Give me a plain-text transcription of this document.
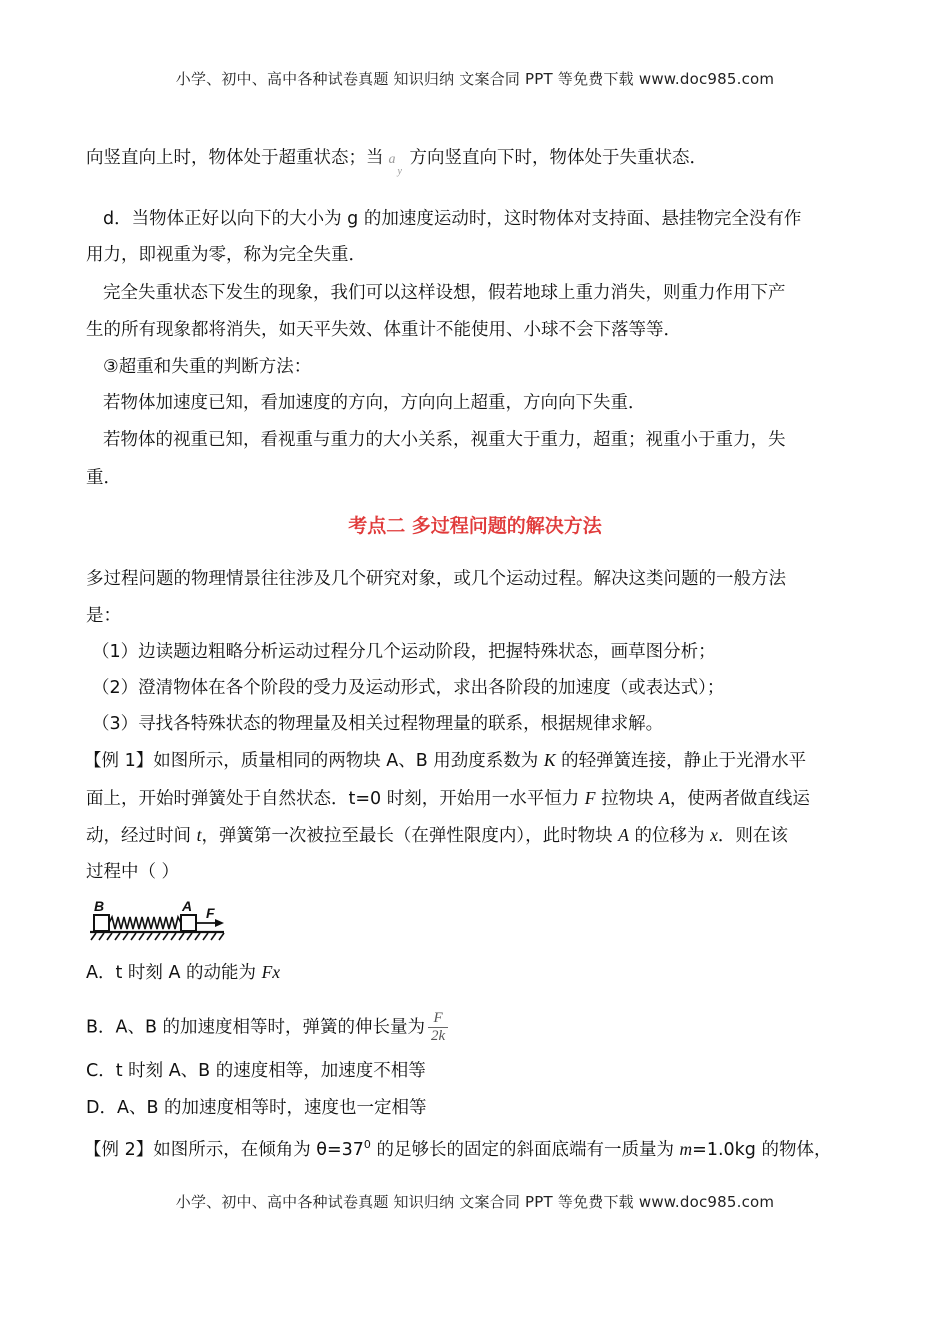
小学、初中、高中各种试卷真题 知识归纳 文案合同 PPT 等免费下载 www.doc985.com
向竖直向上时，物体处于超重状态；当 a
y
方向竖直向下时，物体处于失重状态．
d．当物体正好以向下的大小为 g 的加速度运动时，这时物体对支持面、悬挂物完全没有作
用力，即视重为零，称为完全失重．
完全失重状态下发生的现象，我们可以这样设想，假若地球上重力消失，则重力作用下产
生的所有现象都将消失，如天平失效、体重计不能使用、小球不会下落等等．
③超重和失重的判断方法：
若物体加速度已知，看加速度的方向，方向向上超重，方向向下失重．
若物体的视重已知，看视重与重力的大小关系，视重大于重力，超重；视重小于重力，失
重．
考点二 多过程问题的解决方法
多过程问题的物理情景往往涉及几个研究对象，或几个运动过程。解决这类问题的一般方法
是：
（1）边读题边粗略分析运动过程分几个运动阶段，把握特殊状态，画草图分析；
（2）澄清物体在各个阶段的受力及运动形式，求出各阶段的加速度（或表达式）；
（3）寻找各特殊状态的物理量及相关过程物理量的联系，根据规律求解。
【例 1】如图所示，质量相同的两物块 A、B 用劲度系数为 K 的轻弹簧连接，静止于光滑水平
面上，开始时弹簧处于自然状态．t=0 时刻，开始用一水平恒力 F 拉物块 A，使两者做直线运
动，经过时间 t，弹簧第一次被拉至最长（在弹性限度内），此时物块 A 的位移为 x．则在该
过程中（ ）
B	A F
A．t 时刻 A 的动能为 Fx
B．A、B 的加速度相等时，弹簧的伸长量为 $\frac{F}{2k}$
C．t 时刻 A、B 的速度相等，加速度不相等
D．A、B 的加速度相等时，速度也一定相等
【例 2】如图所示，在倾角为 $\theta=37^0$ 的足够长的固定的斜面底端有一质量为 m=1.0kg 的物体，
小学、初中、高中各种试卷真题 知识归纳 文案合同 PPT 等免费下载 www.doc985.com
